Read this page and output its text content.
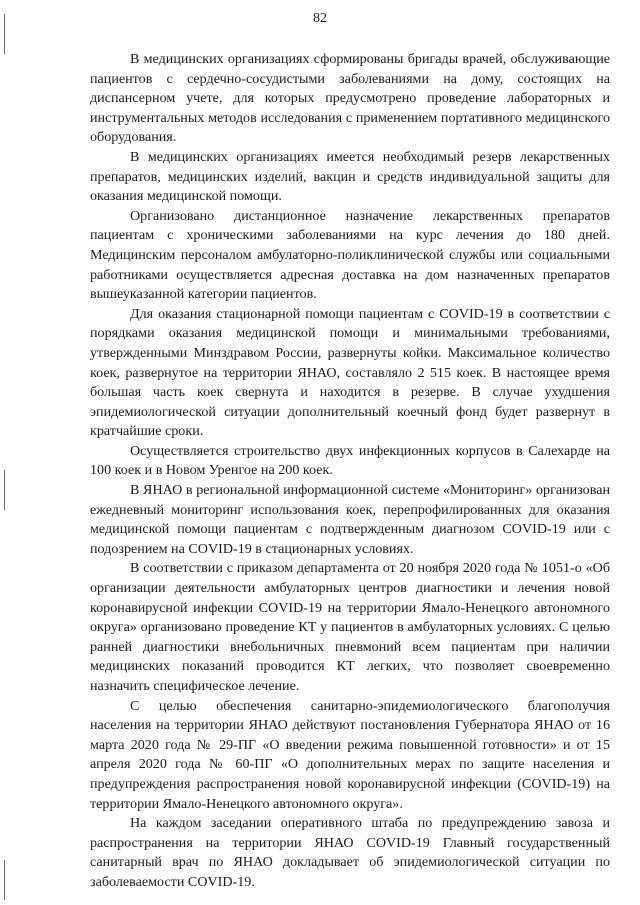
82

В медицинских организациях сформированы бригады врачей, обслуживающие пациентов с сердечно-сосудистыми заболеваниями на дому, состоящих на диспансерном учете, для которых предусмотрено проведение лабораторных и инструментальных методов исследования с применением портативного медицинского оборудования.

В медицинских организациях имеется необходимый резерв лекарственных препаратов, медицинских изделий, вакцин и средств индивидуальной защиты для оказания медицинской помощи.

Организовано дистанционное назначение лекарственных препаратов пациентам с хроническими заболеваниями на курс лечения до 180 дней. Медицинским персоналом амбулаторно-поликлинической службы или социальными работниками осуществляется адресная доставка на дом назначенных препаратов вышеуказанной категории пациентов.

Для оказания стационарной помощи пациентам с COVID-19 в соответствии с порядками оказания медицинской помощи и минимальными требованиями, утвержденными Минздравом России, развернуты койки. Максимальное количество коек, развернутое на территории ЯНАО, составляло 2 515 коек. В настоящее время большая часть коек свернута и находится в резерве. В случае ухудшения эпидемиологической ситуации дополнительный коечный фонд будет развернут в кратчайшие сроки.

Осуществляется строительство двух инфекционных корпусов в Салехарде на 100 коек и в Новом Уренгое на 200 коек.

В ЯНАО в региональной информационной системе «Мониторинг» организован ежедневный мониторинг использования коек, перепрофилированных для оказания медицинской помощи пациентам с подтвержденным диагнозом COVID-19 или с подозрением на COVID-19 в стационарных условиях.

В соответствии с приказом департамента от 20 ноября 2020 года № 1051-о «Об организации деятельности амбулаторных центров диагностики и лечения новой коронавирусной инфекции COVID-19 на территории Ямало-Ненецкого автономного округа» организовано проведение КТ у пациентов в амбулаторных условиях. С целью ранней диагностики внебольничных пневмоний всем пациентам при наличии медицинских показаний проводится КТ легких, что позволяет своевременно назначить специфическое лечение.

С целью обеспечения санитарно-эпидемиологического благополучия населения на территории ЯНАО действуют постановления Губернатора ЯНАО от 16 марта 2020 года № 29-ПГ «О введении режима повышенной готовности» и от 15 апреля 2020 года № 60-ПГ «О дополнительных мерах по защите населения и предупреждения распространения новой коронавирусной инфекции (COVID-19) на территории Ямало-Ненецкого автономного округа».

На каждом заседании оперативного штаба по предупреждению завоза и распространения на территории ЯНАО COVID-19 Главный государственный санитарный врач по ЯНАО докладывает об эпидемиологической ситуации по заболеваемости COVID-19.
